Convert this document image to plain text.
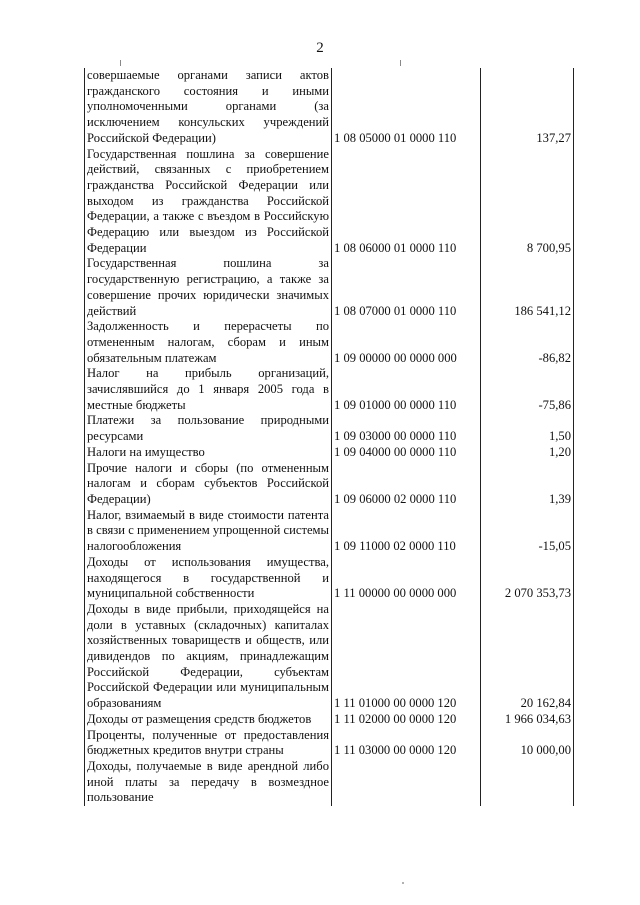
2
совершаемые органами записи актов гражданского состояния и иными уполномоченными органами (за исключением консульских учреждений Российской Федерации)	1 08 05000 01 0000 110	137,27
Государственная пошлина за совершение действий, связанных с приобретением гражданства Российской Федерации или выходом из гражданства Российской Федерации, а также с въездом в Российскую Федерацию или выездом из Российской Федерации	1 08 06000 01 0000 110	8 700,95
Государственная пошлина за государственную регистрацию, а также за совершение прочих юридически значимых действий	1 08 07000 01 0000 110	186 541,12
Задолженность и перерасчеты по отмененным налогам, сборам и иным обязательным платежам	1 09 00000 00 0000 000	-86,82
Налог на прибыль организаций, зачислявшийся до 1 января 2005 года в местные бюджеты	1 09 01000 00 0000 110	-75,86
Платежи за пользование природными ресурсами	1 09 03000 00 0000 110	1,50
Налоги на имущество	1 09 04000 00 0000 110	1,20
Прочие налоги и сборы (по отмененным налогам и сборам субъектов Российской Федерации)	1 09 06000 02 0000 110	1,39
Налог, взимаемый в виде стоимости патента в связи с применением упрощенной системы налогообложения	1 09 11000 02 0000 110	-15,05
Доходы от использования имущества, находящегося в государственной и муниципальной собственности	1 11 00000 00 0000 000	2 070 353,73
Доходы в виде прибыли, приходящейся на доли в уставных (складочных) капиталах хозяйственных товариществ и обществ, или дивидендов по акциям, принадлежащим Российской Федерации, субъектам Российской Федерации или муниципальным образованиям	1 11 01000 00 0000 120	20 162,84
Доходы от размещения средств бюджетов	1 11 02000 00 0000 120	1 966 034,63
Проценты, полученные от предоставления бюджетных кредитов внутри страны	1 11 03000 00 0000 120	10 000,00
Доходы, получаемые в виде арендной либо иной платы за передачу в возмездное пользование		
